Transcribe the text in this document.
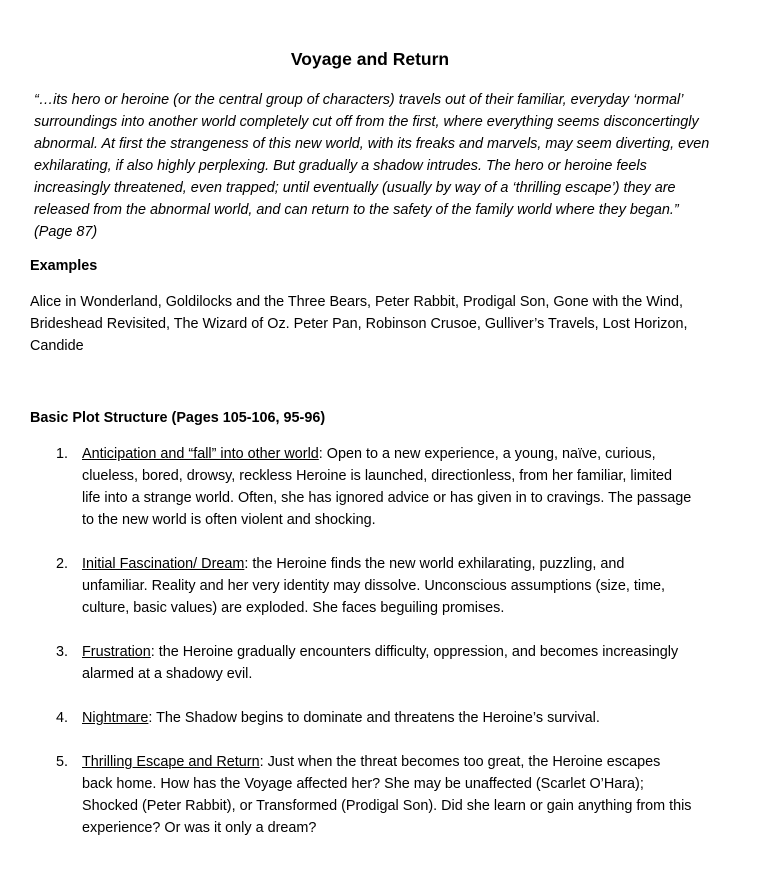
Voyage and Return
“…its hero or heroine (or the central group of characters) travels out of their familiar, everyday ‘normal’ surroundings into another world completely cut off from the first, where everything seems disconcertingly abnormal. At first the strangeness of this new world, with its freaks and marvels, may seem diverting, even exhilarating, if also highly perplexing. But gradually a shadow intrudes. The hero or heroine feels increasingly threatened, even trapped; until eventually (usually by way of a ‘thrilling escape’) they are released from the abnormal world, and can return to the safety of the family world where they began.” (Page 87)
Examples
Alice in Wonderland, Goldilocks and the Three Bears, Peter Rabbit, Prodigal Son, Gone with the Wind, Brideshead Revisited, The Wizard of Oz. Peter Pan, Robinson Crusoe, Gulliver’s Travels, Lost Horizon, Candide
Basic Plot Structure (Pages 105-106, 95-96)
1. Anticipation and “fall” into other world: Open to a new experience, a young, naïve, curious, clueless, bored, drowsy, reckless Heroine is launched, directionless, from her familiar, limited life into a strange world. Often, she has ignored advice or has given in to cravings. The passage to the new world is often violent and shocking.
2. Initial Fascination/ Dream: the Heroine finds the new world exhilarating, puzzling, and unfamiliar. Reality and her very identity may dissolve. Unconscious assumptions (size, time, culture, basic values) are exploded. She faces beguiling promises.
3. Frustration: the Heroine gradually encounters difficulty, oppression, and becomes increasingly alarmed at a shadowy evil.
4. Nightmare: The Shadow begins to dominate and threatens the Heroine’s survival.
5. Thrilling Escape and Return: Just when the threat becomes too great, the Heroine escapes back home. How has the Voyage affected her? She may be unaffected (Scarlet O’Hara); Shocked (Peter Rabbit), or Transformed (Prodigal Son). Did she learn or gain anything from this experience? Or was it only a dream?
